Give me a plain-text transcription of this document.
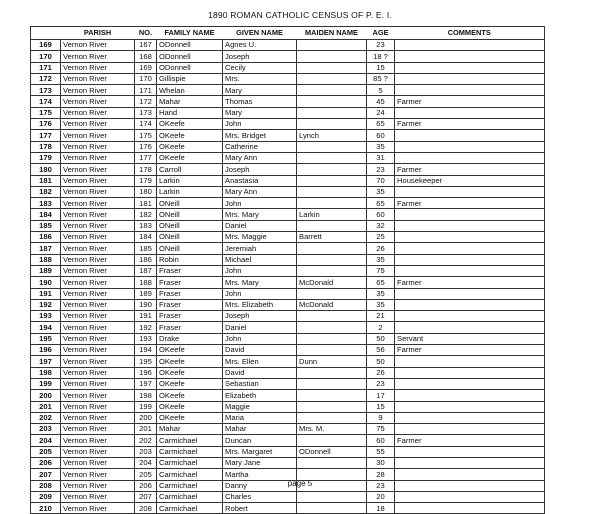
1890 ROMAN CATHOLIC CENSUS OF P. E. I.
	PARISH	NO.	FAMILY NAME	GIVEN NAME	MAIDEN NAME	AGE	COMMENTS
169	Vernon River	167	ODonnell	Agnes U.		23	
170	Vernon River	168	ODonnell	Joseph		18 ?	
171	Vernon River	169	ODonnell	Cecily		15	
172	Vernon River	170	Gillispie	Mrs.		85 ?	
173	Vernon River	171	Whelan	Mary		5	
174	Vernon River	172	Mahar	Thomas		45	Farmer
175	Vernon River	173	Hand	Mary		24	
176	Vernon River	174	OKeefe	John		65	Farmer
177	Vernon River	175	OKeefe	Mrs. Bridget	Lynch	60	
178	Vernon River	176	OKeefe	Catherine		35	
179	Vernon River	177	OKeefe	Mary Ann		31	
180	Vernon River	178	Carroll	Joseph		23	Farmer
181	Vernon River	179	Larkin	Anastasia		70	Housekeeper
182	Vernon River	180	Larkin	Mary Ann		35	
183	Vernon River	181	ONeill	John		65	Farmer
184	Vernon River	182	ONeill	Mrs. Mary	Larkin	60	
185	Vernon River	183	ONeill	Daniel		32	
186	Vernon River	184	ONeill	Mrs. Maggie	Barrett	25	
187	Vernon River	185	ONeill	Jeremiah		26	
188	Vernon River	186	Robin	Michael		35	
189	Vernon River	187	Fraser	John		75	
190	Vernon River	188	Fraser	Mrs. Mary	McDonald	65	Farmer
191	Vernon River	189	Fraser	John		35	
192	Vernon River	190	Fraser	Mrs. Elizabeth	McDonald	35	
193	Vernon River	191	Fraser	Joseph		21	
194	Vernon River	192	Fraser	Daniel		2	
195	Vernon River	193	Drake	John		50	Servant
196	Vernon River	194	OKeefe	David		56	Farmer
197	Vernon River	195	OKeefe	Mrs. Ellen	Dunn	50	
198	Vernon River	196	OKeefe	David		26	
199	Vernon River	197	OKeefe	Sebastian		23	
200	Vernon River	198	OKeefe	Elizabeth		17	
201	Vernon River	199	OKeefe	Maggie		15	
202	Vernon River	200	OKeefe	Maria		9	
203	Vernon River	201	Mahar	Mahar	Mrs. M.	75	
204	Vernon River	202	Carmichael	Duncan		60	Farmer
205	Vernon River	203	Carmichael	Mrs. Margaret	ODonnell	55	
206	Vernon River	204	Carmichael	Mary Jane		30	
207	Vernon River	205	Carmichael	Martha		28	
208	Vernon River	206	Carmichael	Danny		23	
209	Vernon River	207	Carmichael	Charles		20	
210	Vernon River	208	Carmichael	Robert		18	
page 5
